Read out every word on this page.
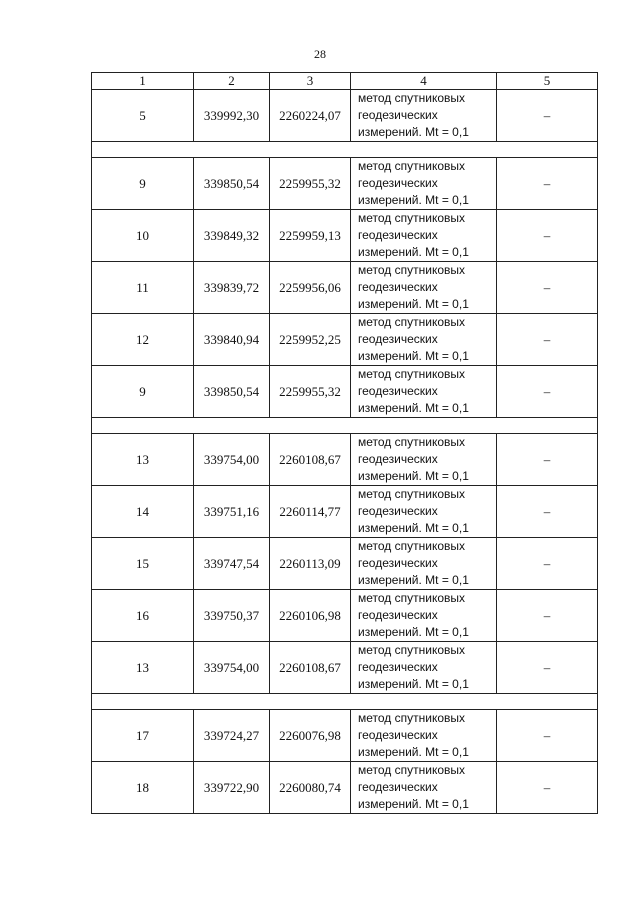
28
1	2	3	4	5
5	339992,30	2260224,07	метод спутниковых
геодезических
измерений. Mt = 0,1	–

9	339850,54	2259955,32	метод спутниковых
геодезических
измерений. Mt = 0,1	–
10	339849,32	2259959,13	метод спутниковых
геодезических
измерений. Mt = 0,1	–
11	339839,72	2259956,06	метод спутниковых
геодезических
измерений. Mt = 0,1	–
12	339840,94	2259952,25	метод спутниковых
геодезических
измерений. Mt = 0,1	–
9	339850,54	2259955,32	метод спутниковых
геодезических
измерений. Mt = 0,1	–

13	339754,00	2260108,67	метод спутниковых
геодезических
измерений. Mt = 0,1	–
14	339751,16	2260114,77	метод спутниковых
геодезических
измерений. Mt = 0,1	–
15	339747,54	2260113,09	метод спутниковых
геодезических
измерений. Mt = 0,1	–
16	339750,37	2260106,98	метод спутниковых
геодезических
измерений. Mt = 0,1	–
13	339754,00	2260108,67	метод спутниковых
геодезических
измерений. Mt = 0,1	–

17	339724,27	2260076,98	метод спутниковых
геодезических
измерений. Mt = 0,1	–
18	339722,90	2260080,74	метод спутниковых
геодезических
измерений. Mt = 0,1	–
